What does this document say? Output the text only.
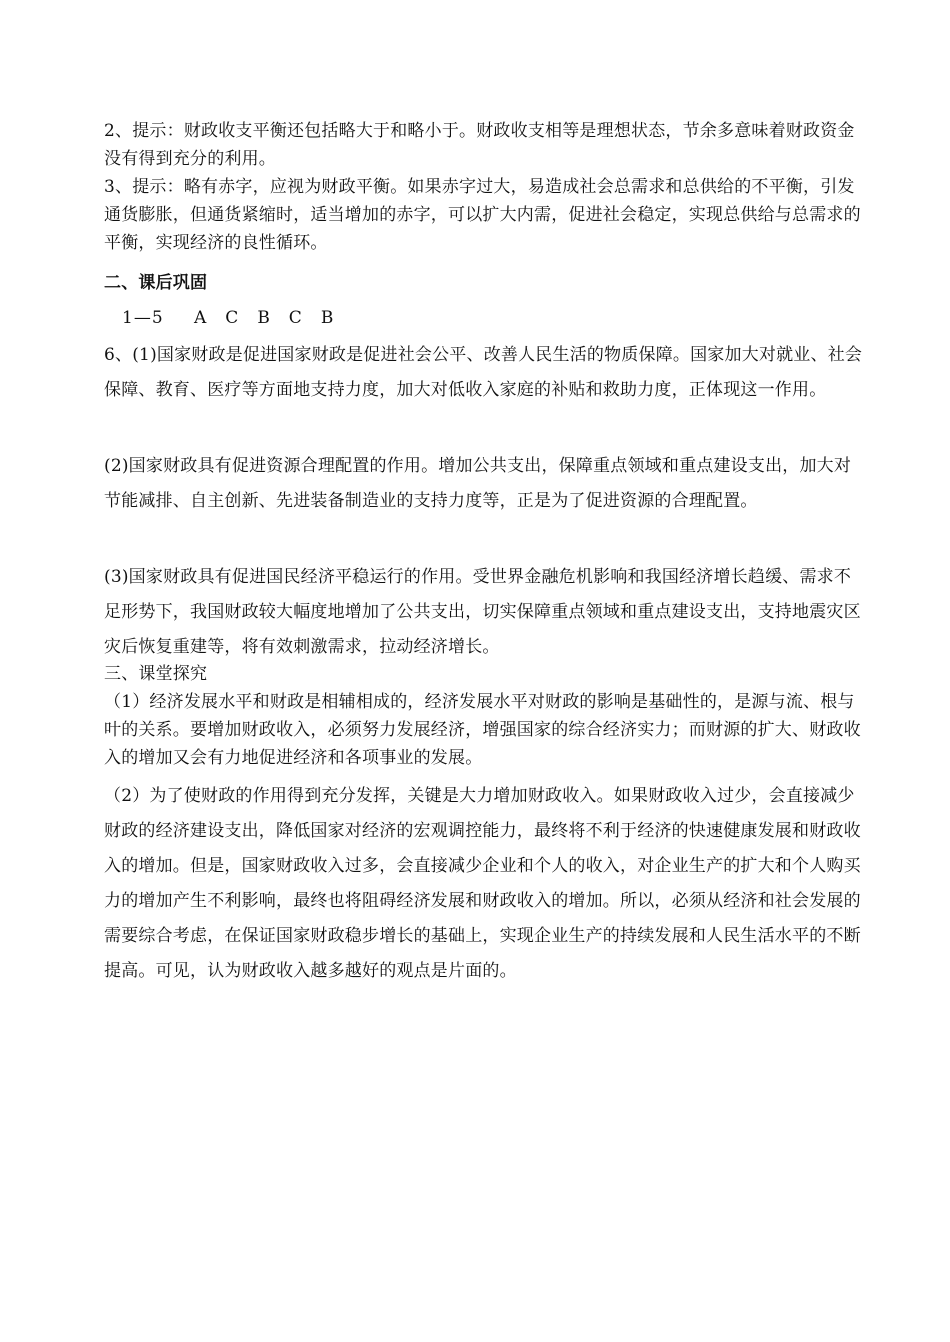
2、提示：财政收支平衡还包括略大于和略小于。财政收支相等是理想状态，节余多意味着财政资金没有得到充分的利用。

3、提示：略有赤字，应视为财政平衡。如果赤字过大，易造成社会总需求和总供给的不平衡，引发通货膨胀，但通货紧缩时，适当增加的赤字，可以扩大内需，促进社会稳定，实现总供给与总需求的平衡，实现经济的良性循环。

二、课后巩固

1—5　 A　C　B　C　B

6、(1)国家财政是促进国家财政是促进社会公平、改善人民生活的物质保障。国家加大对就业、社会保障、教育、医疗等方面地支持力度，加大对低收入家庭的补贴和救助力度，正体现这一作用。

(2)国家财政具有促进资源合理配置的作用。增加公共支出，保障重点领域和重点建设支出，加大对节能减排、自主创新、先进装备制造业的支持力度等，正是为了促进资源的合理配置。

(3)国家财政具有促进国民经济平稳运行的作用。受世界金融危机影响和我国经济增长趋缓、需求不足形势下，我国财政较大幅度地增加了公共支出，切实保障重点领域和重点建设支出，支持地震灾区灾后恢复重建等，将有效刺激需求，拉动经济增长。

三、课堂探究

（1）经济发展水平和财政是相辅相成的，经济发展水平对财政的影响是基础性的，是源与流、根与叶的关系。要增加财政收入，必须努力发展经济，增强国家的综合经济实力；而财源的扩大、财政收入的增加又会有力地促进经济和各项事业的发展。

（2）为了使财政的作用得到充分发挥，关键是大力增加财政收入。如果财政收入过少，会直接减少财政的经济建设支出，降低国家对经济的宏观调控能力，最终将不利于经济的快速健康发展和财政收入的增加。但是，国家财政收入过多，会直接减少企业和个人的收入，对企业生产的扩大和个人购买力的增加产生不利影响，最终也将阻碍经济发展和财政收入的增加。所以，必须从经济和社会发展的需要综合考虑，在保证国家财政稳步增长的基础上，实现企业生产的持续发展和人民生活水平的不断提高。可见，认为财政收入越多越好的观点是片面的。
